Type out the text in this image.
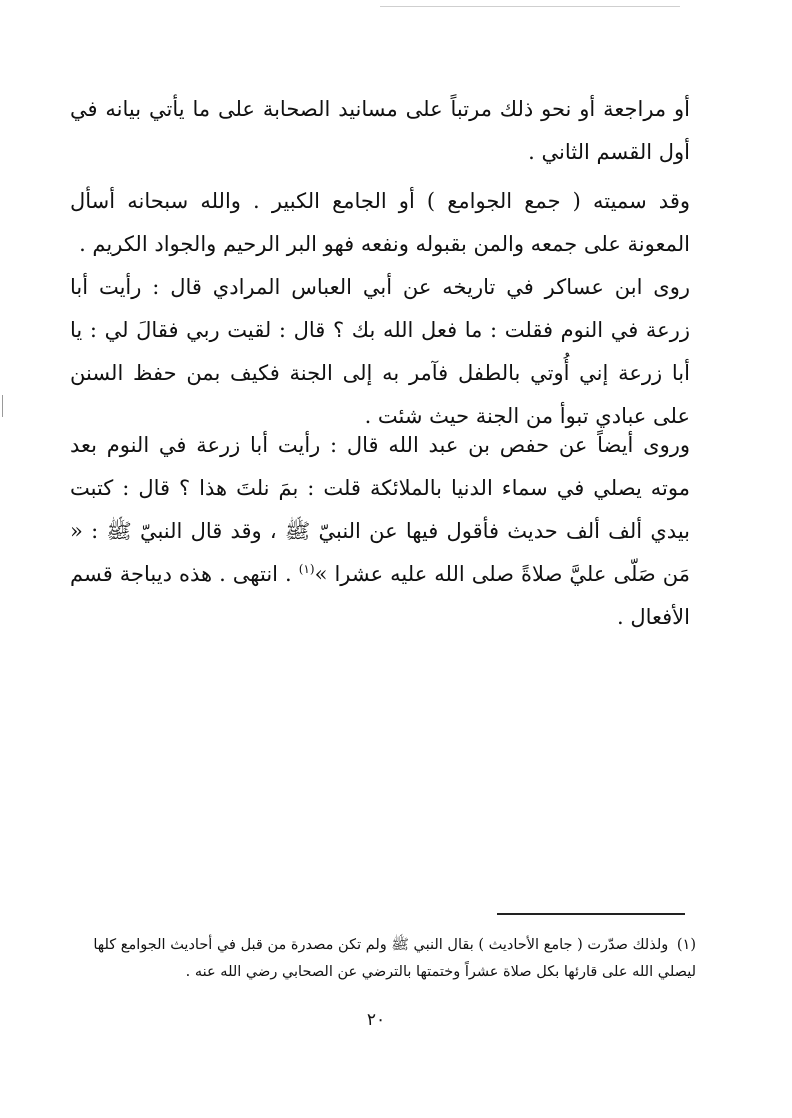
أو مراجعة أو نحو ذلك مرتباً على مسانيد الصحابة على ما يأتي بيانه في أول القسم الثاني .

وقد سميته ( جمع الجوامع ) أو الجامع الكبير . والله سبحانه أسأل المعونة على جمعه والمن بقبوله ونفعه فهو البر الرحيم والجواد الكريم .

روى ابن عساكر في تاريخه عن أبي العباس المرادي قال : رأيت أبا زرعة في النوم فقلت : ما فعل الله بك ؟ قال : لقيت ربي فقالَ لي : يا أبا زرعة إني أُوتي بالطفل فآمر به إلى الجنة فكيف بمن حفظ السنن على عبادي تبوأ من الجنة حيث شئت .

وروى أيضاً عن حفص بن عبد الله قال : رأيت أبا زرعة في النوم بعد موته يصلي في سماء الدنيا بالملائكة قلت : بمَ نلتَ هذا ؟ قال : كتبت بيدي ألف ألف حديث فأقول فيها عن النبيّ ﷺ ، وقد قال النبيّ ﷺ : « مَن صَلّى عليَّ صلاةً صلى الله عليه عشرا »$^{(١)}$ . انتهى . هذه ديباجة قسم الأفعال .

(١) ولذلك صدّرت ( جامع الأحاديث ) بقال النبي ﷺ ولم تكن مصدرة من قبل في أحاديث الجوامع كلها ليصلي الله على قارئها بكل صلاة عشراً وختمتها بالترضي عن الصحابي رضي الله عنه .
٢٠
